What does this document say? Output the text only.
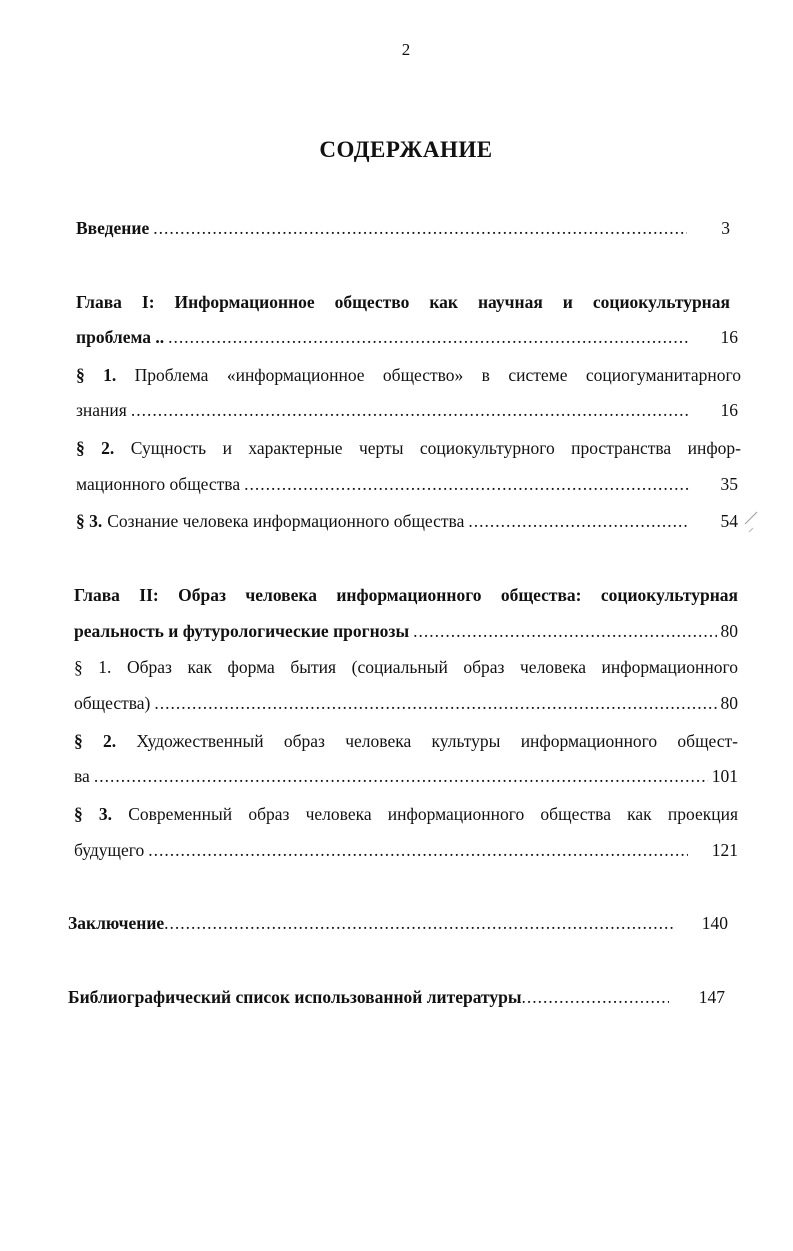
2
СОДЕРЖАНИЕ
Введение .....	3
Глава I: Информационное общество как научная и социокультурная
проблема .. .....	16
§ 1. Проблема «информационное общество» в системе социогуманитарного
знания .....	16
§ 2. Сущность и характерные черты социокультурного пространства инфор-
мационного общества .....	35
§ 3. Сознание человека информационного общества .....	54
Глава II: Образ человека информационного общества: социокультурная
реальность и футурологические прогнозы .....	80
§ 1. Образ как форма бытия (социальный образ человека информационного
общества) .....	80
§ 2. Художественный образ человека культуры информационного общест-
ва .....	101
§ 3. Современный образ человека информационного общества как проекция
будущего .....	121
Заключение .....	140
Библиографический список использованной литературы .....	147
